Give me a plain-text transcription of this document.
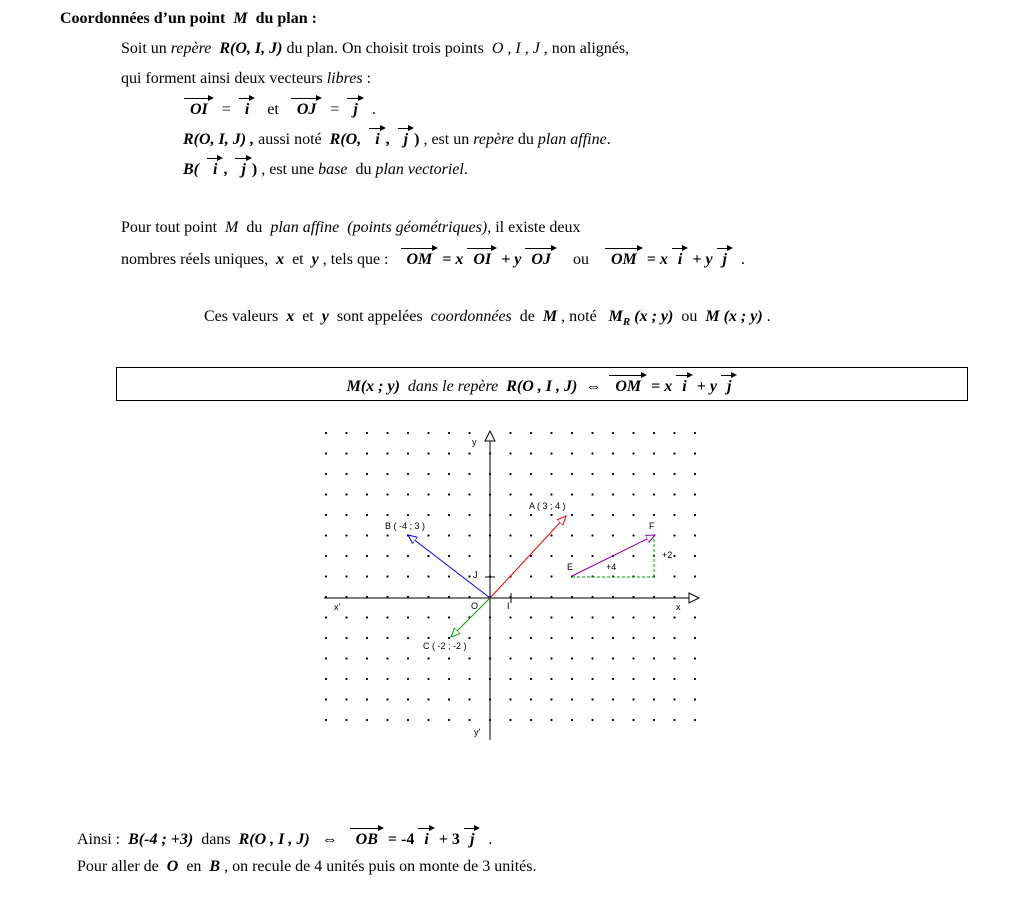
Coordonnées d’un point M du plan :
Soit un repère R(O, I, J) du plan. On choisit trois points O , I , J , non alignés,
qui forment ainsi deux vecteurs libres :
OI = i et OJ = j .
R(O, I, J) , aussi noté R(O, i , j ) , est un repère du plan affine.
B( i , j ) , est une base du plan vectoriel.
Pour tout point M du plan affine (points géométriques), il existe deux
nombres réels uniques, x et y , tels que : OM = x OI + y OJ ou OM = x i + y j .
Ces valeurs x et y sont appelées coordonnées de M , noté $M_R$ (x ; y) ou M (x ; y) .
M(x ; y) dans le repère R(O , I , J) ⇔ OM = x i + y j
x
x'
y
y'
O	I
J
A ( 3 ; 4 )
B ( -4 ; 3 )
C ( -2 ; -2 )
E
F
+4
+2
Ainsi : B(-4 ; +3) dans R(O , I , J) ⇔ OB = -4 i + 3 j .
Pour aller de O en B , on recule de 4 unités puis on monte de 3 unités.
